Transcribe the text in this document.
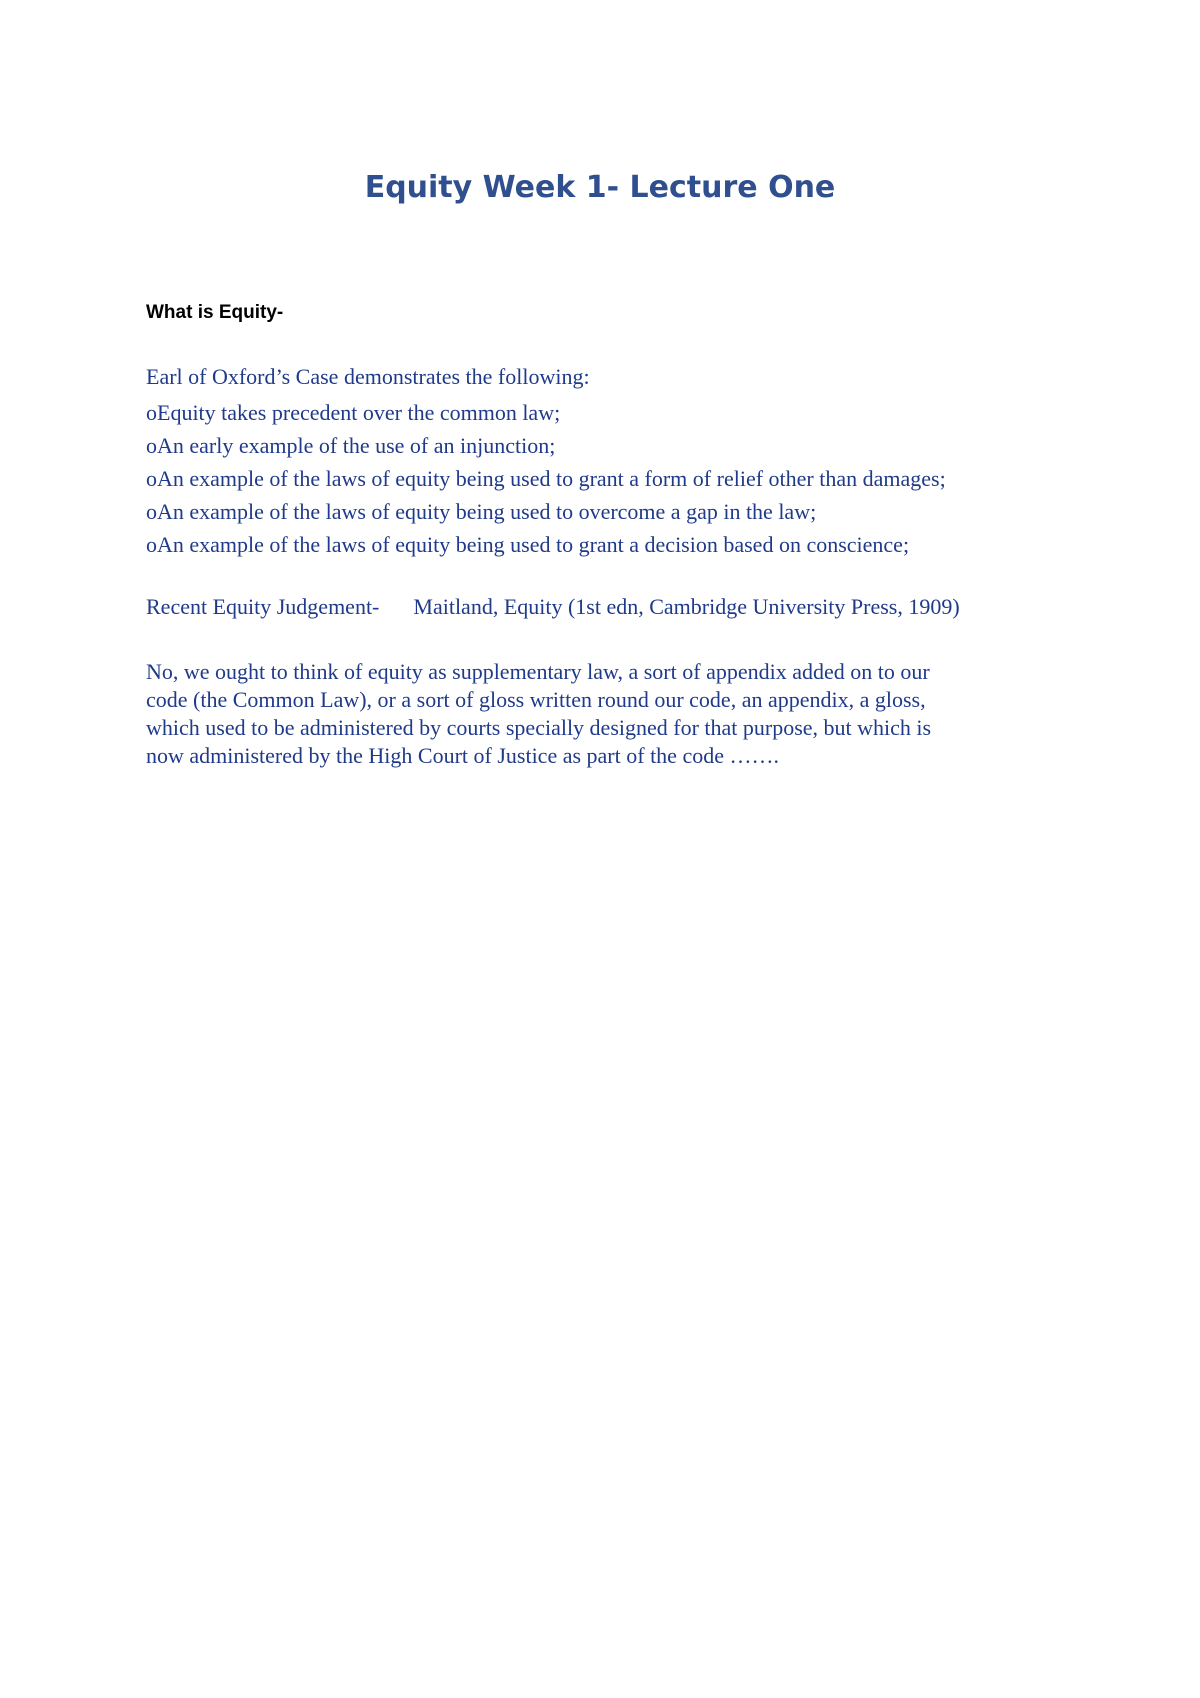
Equity Week 1- Lecture One
What is Equity-

Earl of Oxford’s Case demonstrates the following:

oEquity takes precedent over the common law;
oAn early example of the use of an injunction;
oAn example of the laws of equity being used to grant a form of relief other than damages;
oAn example of the laws of equity being used to overcome a gap in the law;
oAn example of the laws of equity being used to grant a decision based on conscience;

Recent Equity Judgement- Maitland, Equity (1st edn, Cambridge University Press, 1909)

No, we ought to think of equity as supplementary law, a sort of appendix added on to our
code (the Common Law), or a sort of gloss written round our code, an appendix, a gloss,
which used to be administered by courts specially designed for that purpose, but which is
now administered by the High Court of Justice as part of the code …….
